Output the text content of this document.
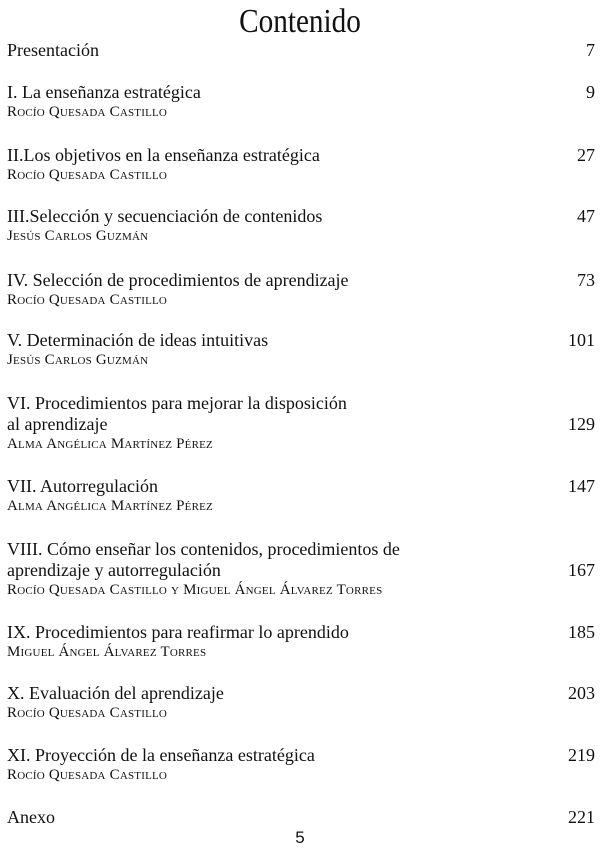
Contenido
Presentación	7
I. La enseñanza estratégica	9
Rocío Quesada Castillo
II.Los objetivos en la enseñanza estratégica	27
Rocío Quesada Castillo
III.Selección y secuenciación de contenidos	47
Jesús Carlos Guzmán
IV. Selección de procedimientos de aprendizaje	73
Rocío Quesada Castillo
V. Determinación de ideas intuitivas	101
Jesús Carlos Guzmán
VI. Procedimientos para mejorar la disposición
al aprendizaje	129
Alma Angélica Martínez Pérez
VII. Autorregulación	147
Alma Angélica Martínez Pérez
VIII. Cómo enseñar los contenidos, procedimientos de
aprendizaje y autorregulación	167
Rocío Quesada Castillo y Miguel Ángel Álvarez Torres
IX. Procedimientos para reafirmar lo aprendido	185
Miguel Ángel Álvarez Torres
X. Evaluación del aprendizaje	203
Rocío Quesada Castillo
XI. Proyección de la enseñanza estratégica	219
Rocío Quesada Castillo
Anexo	221
5
